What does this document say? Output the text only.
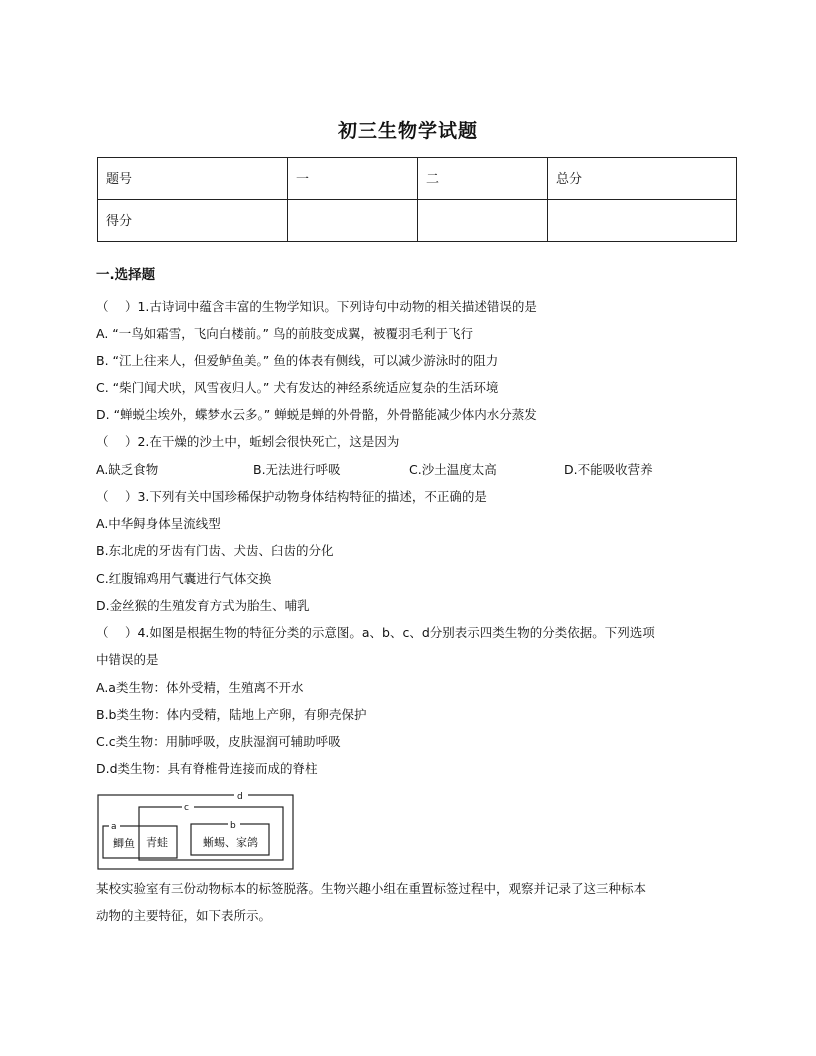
初三生物学试题
题号	一	二	总分
得分			
一.选择题
（　 ）1.古诗词中蕴含丰富的生物学知识。下列诗句中动物的相关描述错误的是
A. “一鸟如霜雪，飞向白楼前。” 鸟的前肢变成翼，被覆羽毛利于飞行
B. “江上往来人，但爱鲈鱼美。” 鱼的体表有侧线，可以减少游泳时的阻力
C. “柴门闻犬吠，风雪夜归人。” 犬有发达的神经系统适应复杂的生活环境
D. “蝉蜕尘埃外，蝶梦水云多。” 蝉蜕是蝉的外骨骼，外骨骼能减少体内水分蒸发
（　 ）2.在干燥的沙土中，蚯蚓会很快死亡，这是因为
A.缺乏食物	B.无法进行呼吸	C.沙土温度太高	D.不能吸收营养
（　 ）3.下列有关中国珍稀保护动物身体结构特征的描述，不正确的是
A.中华鲟身体呈流线型
B.东北虎的牙齿有门齿、犬齿、臼齿的分化
C.红腹锦鸡用气囊进行气体交换
D.金丝猴的生殖发育方式为胎生、哺乳
（　 ）4.如图是根据生物的特征分类的示意图。a、b、c、d分别表示四类生物的分类依据。下列选项
中错误的是
A.a类生物：体外受精，生殖离不开水
B.b类生物：体内受精，陆地上产卵，有卵壳保护
C.c类生物：用肺呼吸，皮肤湿润可辅助呼吸
D.d类生物：具有脊椎骨连接而成的脊柱
d
c
a	b
鲫鱼 青蛙	蜥蜴、家鸽
某校实验室有三份动物标本的标签脱落。生物兴趣小组在重置标签过程中，观察并记录了这三种标本
动物的主要特征，如下表所示。
